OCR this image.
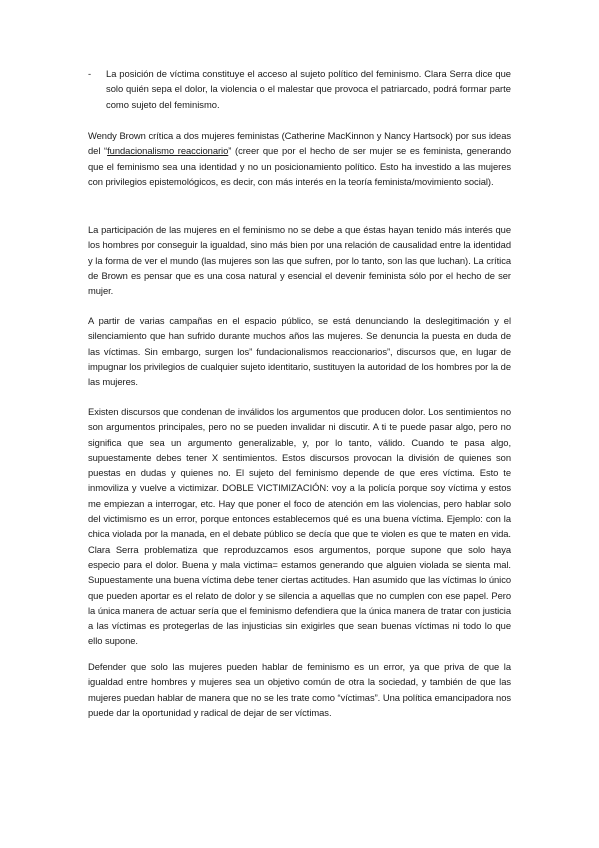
- La posición de víctima constituye el acceso al sujeto político del feminismo. Clara Serra dice que solo quién sepa el dolor, la violencia o el malestar que provoca el patriarcado, podrá formar parte como sujeto del feminismo.

Wendy Brown crítica a dos mujeres feministas (Catherine MacKinnon y Nancy Hartsock) por sus ideas del “fundacionalismo reaccionario” (creer que por el hecho de ser mujer se es feminista, generando que el feminismo sea una identidad y no un posicionamiento político. Esto ha investido a las mujeres con privilegios epistemológicos, es decir, con más interés en la teoría feminista/movimiento social).

La participación de las mujeres en el feminismo no se debe a que éstas hayan tenido más interés que los hombres por conseguir la igualdad, sino más bien por una relación de causalidad entre la identidad y la forma de ver el mundo (las mujeres son las que sufren, por lo tanto, son las que luchan). La crítica de Brown es pensar que es una cosa natural y esencial el devenir feminista sólo por el hecho de ser mujer.

A partir de varias campañas en el espacio público, se está denunciando la deslegitimación y el silenciamiento que han sufrido durante muchos años las mujeres. Se denuncia la puesta en duda de las víctimas. Sin embargo, surgen los” fundacionalismos reaccionarios”, discursos que, en lugar de impugnar los privilegios de cualquier sujeto identitario, sustituyen la autoridad de los hombres por la de las mujeres.

Existen discursos que condenan de inválidos los argumentos que producen dolor. Los sentimientos no son argumentos principales, pero no se pueden invalidar ni discutir. A ti te puede pasar algo, pero no significa que sea un argumento generalizable, y, por lo tanto, válido. Cuando te pasa algo, supuestamente debes tener X sentimientos. Estos discursos provocan la división de quienes son puestas en dudas y quienes no. El sujeto del feminismo depende de que eres víctima. Esto te inmoviliza y vuelve a victimizar. DOBLE VICTIMIZACIÓN: voy a la policía porque soy víctima y estos me empiezan a interrogar, etc. Hay que poner el foco de atención em las violencias, pero hablar solo del victimismo es un error, porque entonces establecemos qué es una buena víctima. Ejemplo: con la chica violada por la manada, en el debate público se decía que que te violen es que te maten en vida. Clara Serra problematiza que reproduzcamos esos argumentos, porque supone que solo haya especio para el dolor. Buena y mala victima= estamos generando que alguien violada se sienta mal. Supuestamente una buena víctima debe tener ciertas actitudes. Han asumido que las víctimas lo único que pueden aportar es el relato de dolor y se silencia a aquellas que no cumplen con ese papel. Pero la única manera de actuar sería que el feminismo defendiera que la única manera de tratar con justicia a las víctimas es protegerlas de las injusticias sin exigirles que sean buenas víctimas ni todo lo que ello supone.

Defender que solo las mujeres pueden hablar de feminismo es un error, ya que priva de que la igualdad entre hombres y mujeres sea un objetivo común de otra la sociedad, y también de que las mujeres puedan hablar de manera que no se les trate como “víctimas”. Una política emancipadora nos puede dar la oportunidad y radical de dejar de ser víctimas.
